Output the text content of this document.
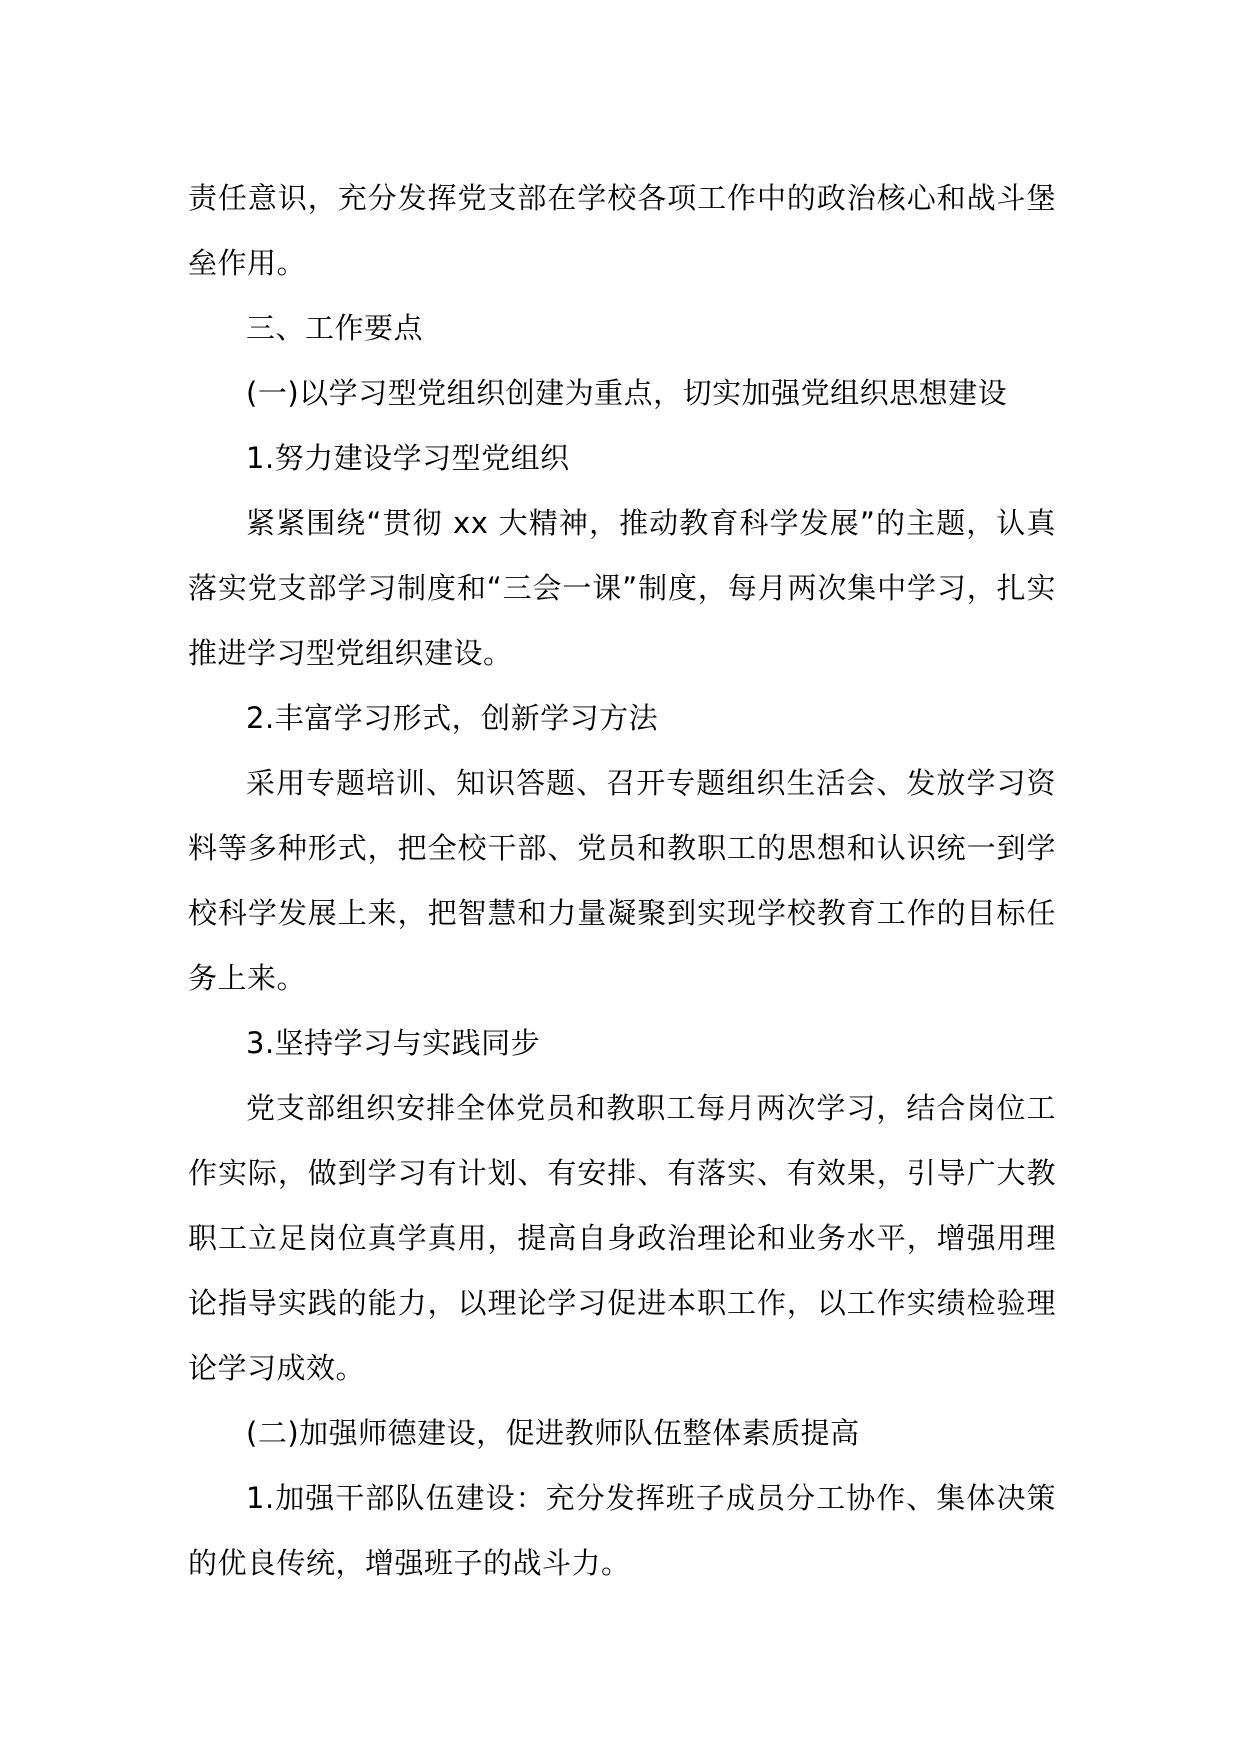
责任意识，充分发挥党支部在学校各项工作中的政治核心和战斗堡垒作用。

三、工作要点

(一)以学习型党组织创建为重点，切实加强党组织思想建设

1.努力建设学习型党组织

紧紧围绕“贯彻 xx 大精神，推动教育科学发展”的主题，认真落实党支部学习制度和“三会一课”制度，每月两次集中学习，扎实推进学习型党组织建设。

2.丰富学习形式，创新学习方法

采用专题培训、知识答题、召开专题组织生活会、发放学习资料等多种形式，把全校干部、党员和教职工的思想和认识统一到学校科学发展上来，把智慧和力量凝聚到实现学校教育工作的目标任务上来。

3.坚持学习与实践同步

党支部组织安排全体党员和教职工每月两次学习，结合岗位工作实际，做到学习有计划、有安排、有落实、有效果，引导广大教职工立足岗位真学真用，提高自身政治理论和业务水平，增强用理论指导实践的能力，以理论学习促进本职工作，以工作实绩检验理论学习成效。

(二)加强师德建设，促进教师队伍整体素质提高

1.加强干部队伍建设：充分发挥班子成员分工协作、集体决策的优良传统，增强班子的战斗力。
